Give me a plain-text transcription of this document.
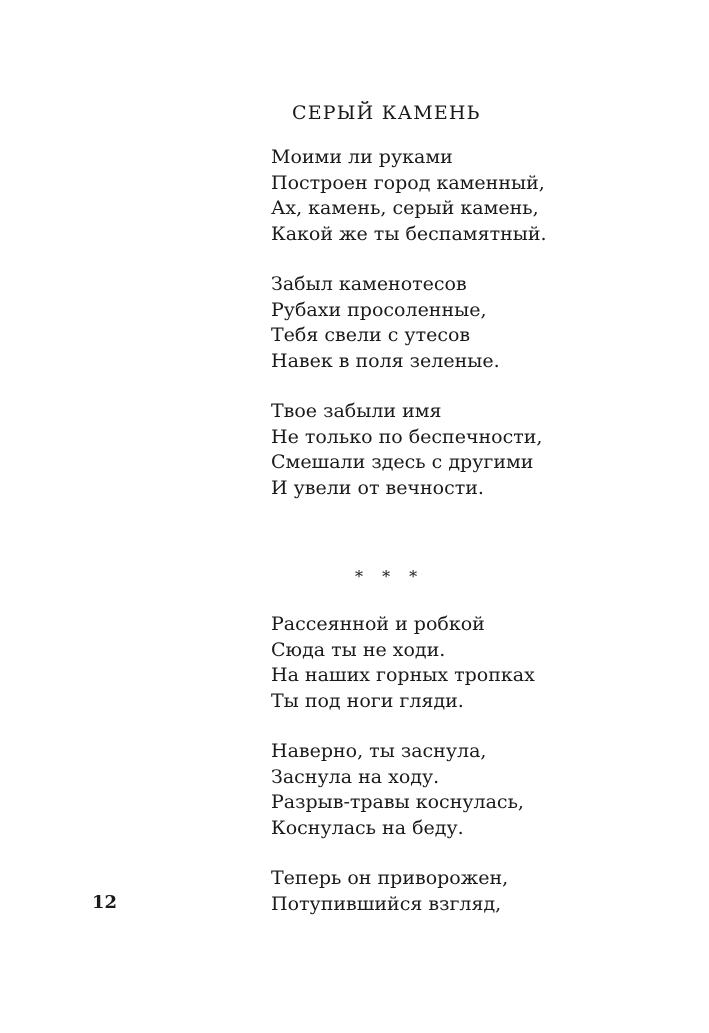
СЕРЫЙ КАМЕНЬ
Моими ли руками
Построен город каменный,
Ах, камень, серый камень,
Какой же ты беспамятный.
Забыл каменотесов
Рубахи просоленные,
Тебя свели с утесов
Навек в поля зеленые.
Твое забыли имя
Не только по беспечности,
Смешали здесь с другими
И увели от вечности.
* * *
Рассеянной и робкой
Сюда ты не ходи.
На наших горных тропках
Ты под ноги гляди.
Наверно, ты заснула,
Заснула на ходу.
Разрыв-травы коснулась,
Коснулась на беду.
Теперь он приворожен,
Потупившийся взгляд,
12
